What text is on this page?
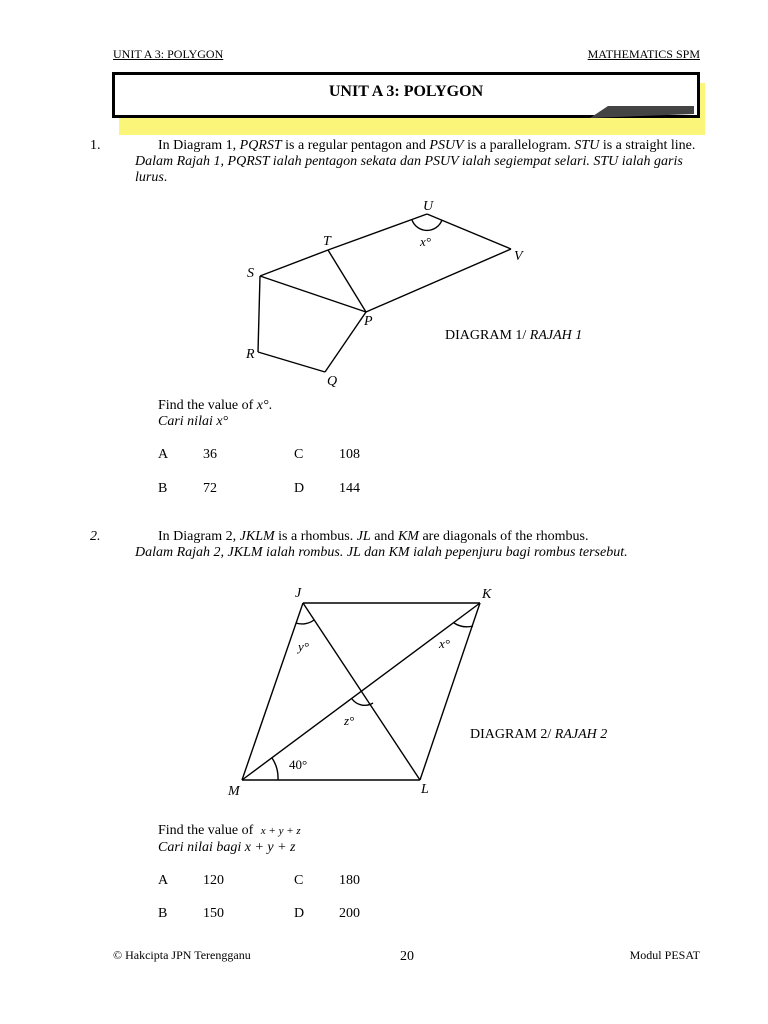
UNIT A 3: POLYGON	MATHEMATICS SPM
UNIT A 3: POLYGON
1.	In Diagram 1, PQRST is a regular pentagon and PSUV is a parallelogram. STU is a straight line.
Dalam Rajah 1, PQRST ialah pentagon sekata dan PSUV ialah segiempat selari. STU ialah garis
lurus.
U
T
V
S
P
R
Q
x°
DIAGRAM 1/ RAJAH 1
Find the value of x°.
Cari nilai x°
A 36	C	108
B	72	D 144
2.	In Diagram 2, JKLM is a rhombus. JL and KM are diagonals of the rhombus.
Dalam Rajah 2, JKLM ialah rombus. JL dan KM ialah pepenjuru bagi rombus tersebut.
J	K
M	L
y°	x°
z°
40°
DIAGRAM 2/ RAJAH 2
Find the value of x + y + z
Cari nilai bagi x + y + z
A 120	C	180
B	150	D 200
© Hakcipta JPN Terengganu	20	Modul PESAT
